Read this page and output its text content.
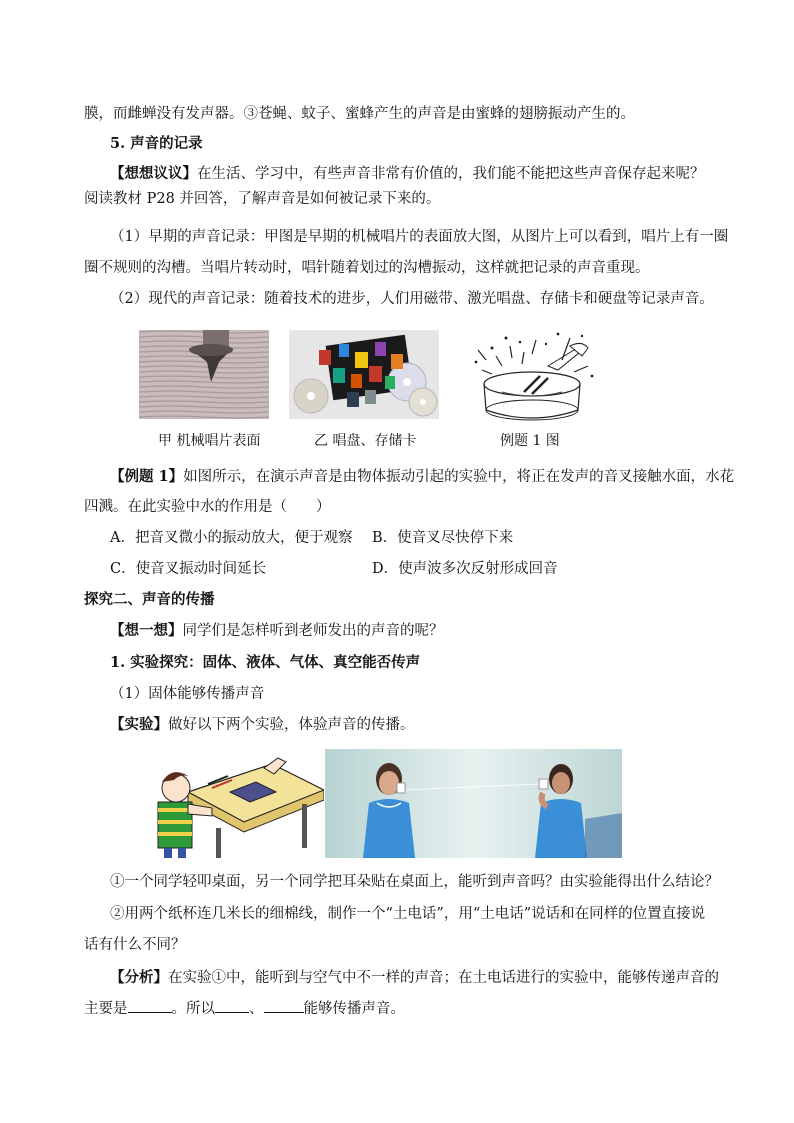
膜，而雌蝉没有发声器。③苍蝇、蚊子、蜜蜂产生的声音是由蜜蜂的翅膀振动产生的。
5. 声音的记录
【想想议议】在生活、学习中，有些声音非常有价值的，我们能不能把这些声音保存起来呢？
阅读教材 P28 并回答，了解声音是如何被记录下来的。
（1）早期的声音记录：甲图是早期的机械唱片的表面放大图，从图片上可以看到，唱片上有一圈
圈不规则的沟槽。当唱片转动时，唱针随着划过的沟槽振动，这样就把记录的声音重现。
（2）现代的声音记录：随着技术的进步，人们用磁带、激光唱盘、存储卡和硬盘等记录声音。
甲 机械唱片表面	乙 唱盘、存储卡	例题 1 图
【例题 1】如图所示，在演示声音是由物体振动引起的实验中，将正在发声的音叉接触水面，水花
四溅。在此实验中水的作用是（　　）
A．把音叉微小的振动放大，便于观察 B．使音叉尽快停下来
C．使音叉振动时间延长	D．使声波多次反射形成回音
探究二、声音的传播
【想一想】同学们是怎样听到老师发出的声音的呢？
1. 实验探究：固体、液体、气体、真空能否传声
（1）固体能够传播声音
【实验】做好以下两个实验，体验声音的传播。
①一个同学轻叩桌面，另一个同学把耳朵贴在桌面上，能听到声音吗？由实验能得出什么结论？
②用两个纸杯连几米长的细棉线，制作一个“土电话”，用“土电话”说话和在同样的位置直接说
话有什么不同？
【分析】在实验①中，能听到与空气中不一样的声音；在土电话进行的实验中，能够传递声音的
主要是	。所以 、	能够传播声音。
